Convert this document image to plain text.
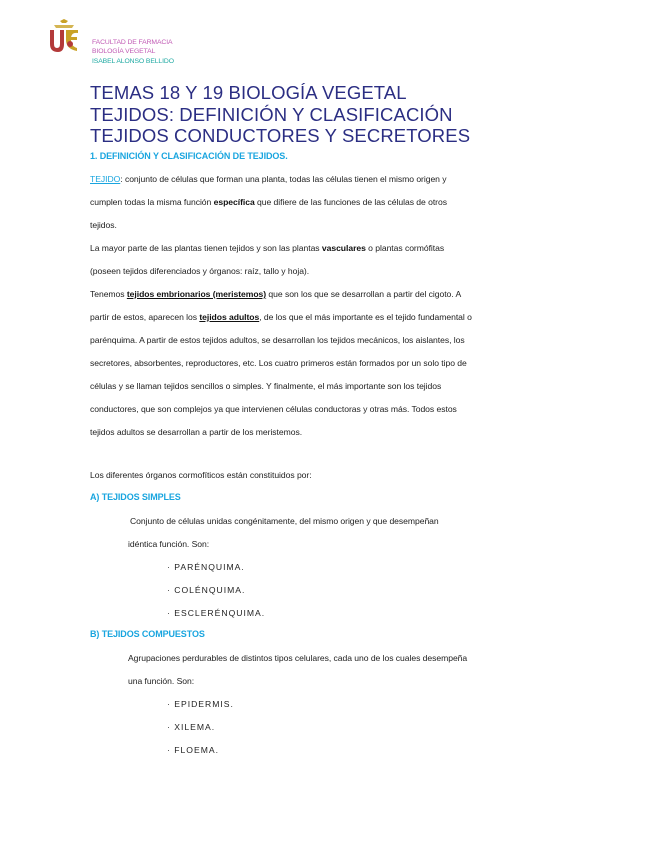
FACULTAD DE FARMACIA
BIOLOGÍA VEGETAL
ISABEL ALONSO BELLIDO
TEMAS 18 Y 19 BIOLOGÍA VEGETAL
TEJIDOS: DEFINICIÓN Y CLASIFICACIÓN
TEJIDOS CONDUCTORES Y SECRETORES
1. DEFINICIÓN Y CLASIFICACIÓN DE TEJIDOS.
TEJIDO: conjunto de células que forman una planta, todas las células tienen el mismo origen y
cumplen todas la misma función específica que difiere de las funciones de las células de otros
tejidos.
La mayor parte de las plantas tienen tejidos y son las plantas vasculares o plantas cormófitas
(poseen tejidos diferenciados y órganos: raíz, tallo y hoja).
Tenemos tejidos embrionarios (meristemos) que son los que se desarrollan a partir del cigoto. A
partir de estos, aparecen los tejidos adultos, de los que el más importante es el tejido fundamental o
parénquima. A partir de estos tejidos adultos, se desarrollan los tejidos mecánicos, los aislantes, los
secretores, absorbentes, reproductores, etc. Los cuatro primeros están formados por un solo tipo de
células y se llaman tejidos sencillos o simples. Y finalmente, el más importante son los tejidos
conductores, que son complejos ya que intervienen células conductoras y otras más. Todos estos
tejidos adultos se desarrollan a partir de los meristemos.
Los diferentes órganos cormofíticos están constituidos por:
A) TEJIDOS SIMPLES
Conjunto de células unidas congénitamente, del mismo origen y que desempeñan
idéntica función. Son:
· PARÉNQUIMA.
· COLÉNQUIMA.
· ESCLERÉNQUIMA.
B) TEJIDOS COMPUESTOS
Agrupaciones perdurables de distintos tipos celulares, cada uno de los cuales desempeña
una función. Son:
· EPIDERMIS.
· XILEMA.
· FLOEMA.
